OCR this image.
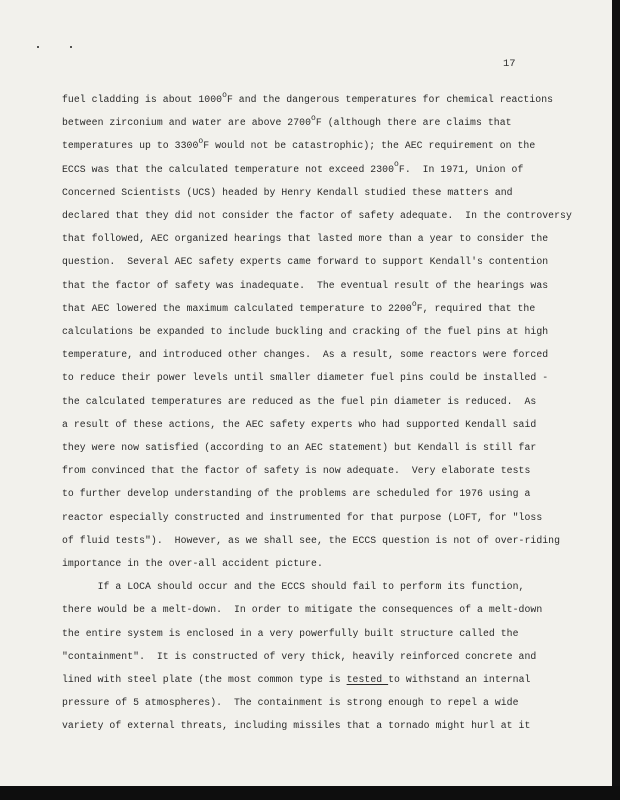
17
fuel cladding is about 1000$^o$F and the dangerous temperatures for chemical reactions
between zirconium and water are above 2700$^o$F (although there are claims that
temperatures up to 3300$^o$F would not be catastrophic); the AEC requirement on the
ECCS was that the calculated temperature not exceed 2300$^o$F.  In 1971, Union of
Concerned Scientists (UCS) headed by Henry Kendall studied these matters and
declared that they did not consider the factor of safety adequate.  In the controversy
that followed, AEC organized hearings that lasted more than a year to consider the
question.  Several AEC safety experts came forward to support Kendall's contention
that the factor of safety was inadequate.  The eventual result of the hearings was
that AEC lowered the maximum calculated temperature to 2200$^o$F, required that the
calculations be expanded to include buckling and cracking of the fuel pins at high
temperature, and introduced other changes.  As a result, some reactors were forced
to reduce their power levels until smaller diameter fuel pins could be installed -
the calculated temperatures are reduced as the fuel pin diameter is reduced.  As
a result of these actions, the AEC safety experts who had supported Kendall said
they were now satisfied (according to an AEC statement) but Kendall is still far
from convinced that the factor of safety is now adequate.  Very elaborate tests
to further develop understanding of the problems are scheduled for 1976 using a
reactor especially constructed and instrumented for that purpose (LOFT, for "loss
of fluid tests").  However, as we shall see, the ECCS question is not of over-riding
importance in the over-all accident picture.
If a LOCA should occur and the ECCS should fail to perform its function,
there would be a melt-down.  In order to mitigate the consequences of a melt-down
the entire system is enclosed in a very powerfully built structure called the
"containment".  It is constructed of very thick, heavily reinforced concrete and
lined with steel plate (the most common type is tested to withstand an internal
pressure of 5 atmospheres).  The containment is strong enough to repel a wide
variety of external threats, including missiles that a tornado might hurl at it
